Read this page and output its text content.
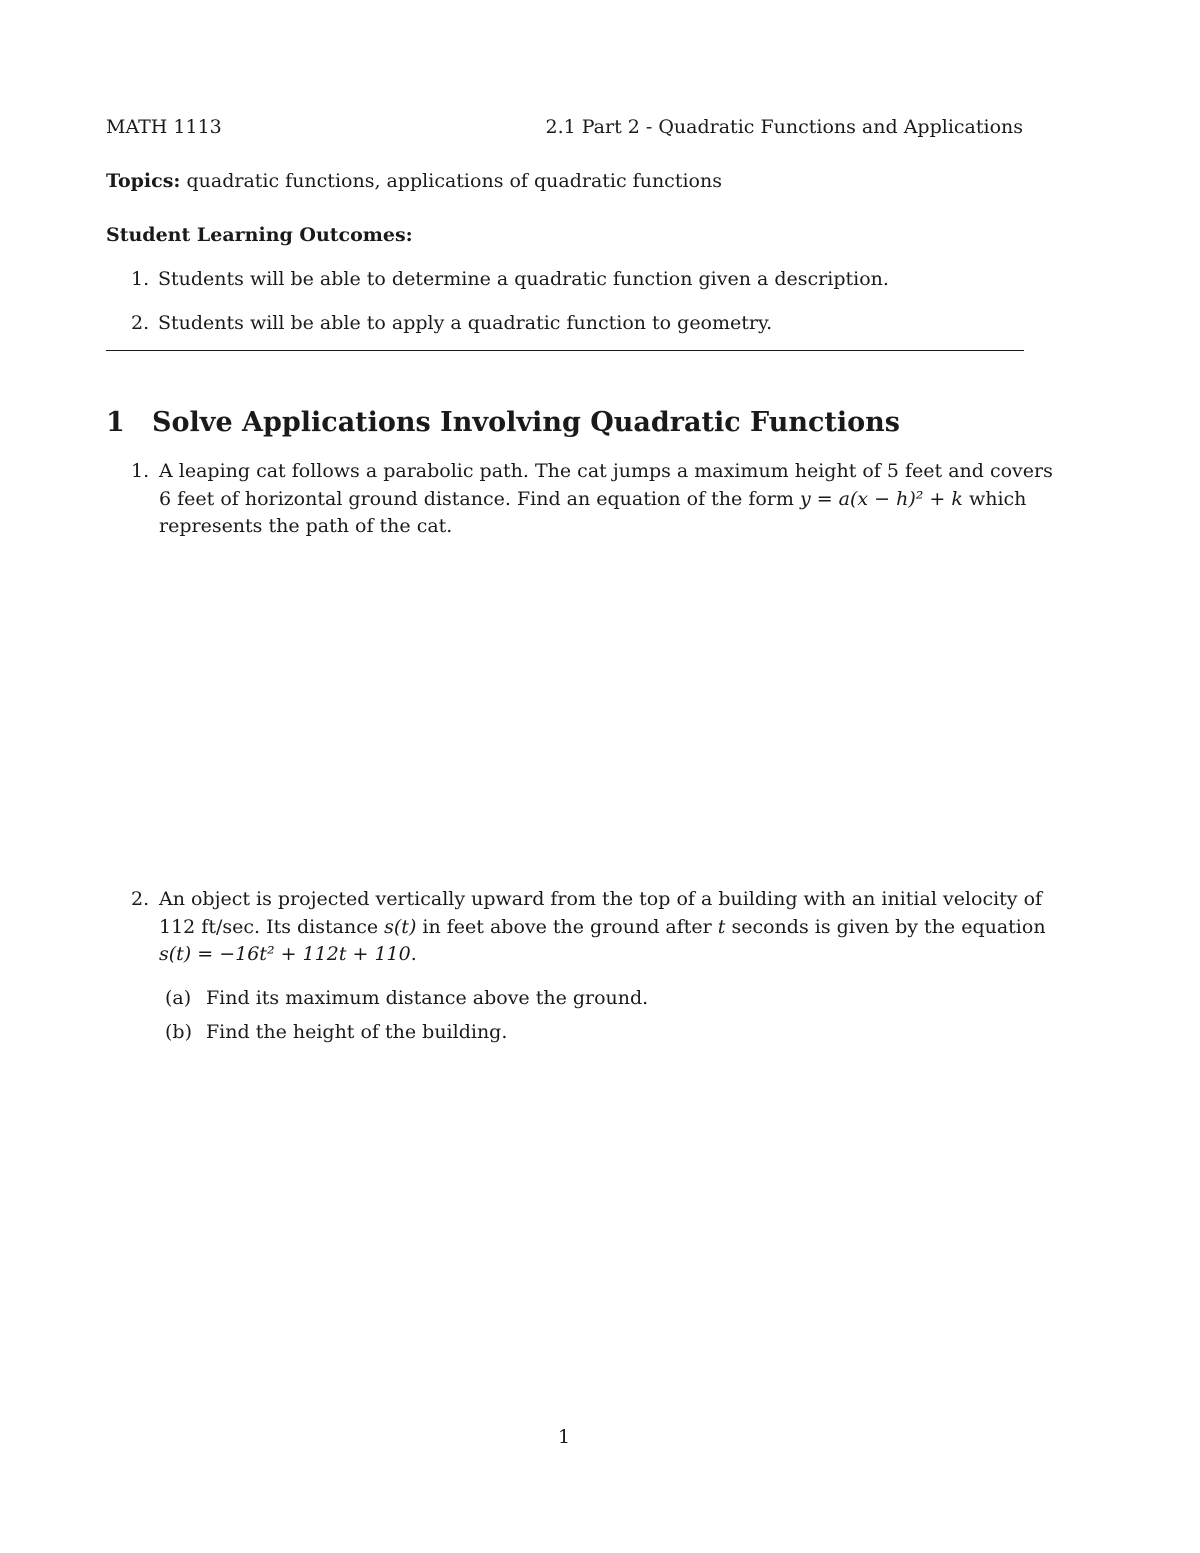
MATH 1113	2.1 Part 2 - Quadratic Functions and Applications
Topics: quadratic functions, applications of quadratic functions
Student Learning Outcomes:
1. Students will be able to determine a quadratic function given a description.
2. Students will be able to apply a quadratic function to geometry.
1 Solve Applications Involving Quadratic Functions
1. A leaping cat follows a parabolic path. The cat jumps a maximum height of 5 feet and covers
6 feet of horizontal ground distance. Find an equation of the form y = a(x − h)² + k which
represents the path of the cat.
2. An object is projected vertically upward from the top of a building with an initial velocity of
112 ft/sec. Its distance s(t) in feet above the ground after t seconds is given by the equation
s(t) = −16t² + 112t + 110.
(a) Find its maximum distance above the ground.
(b) Find the height of the building.
1
